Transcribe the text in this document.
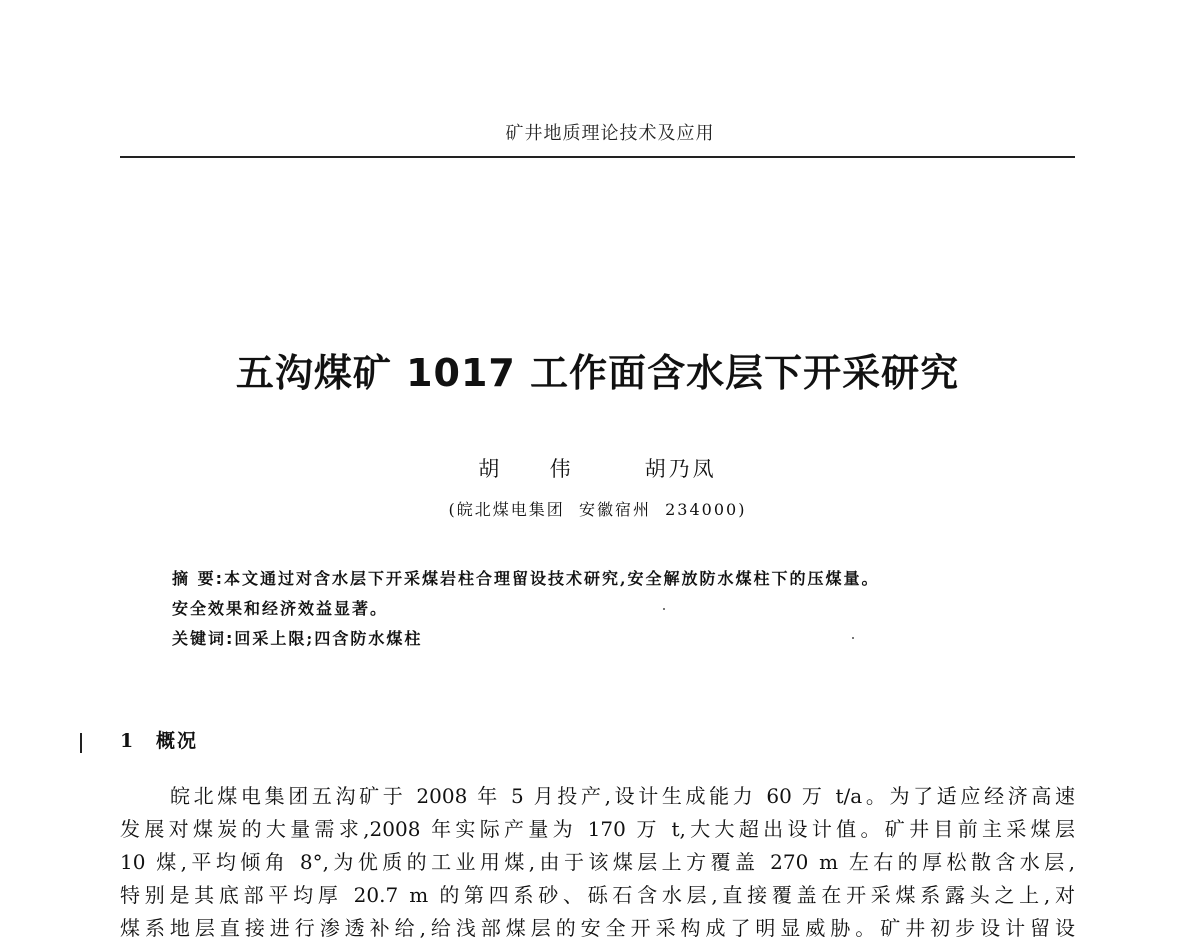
矿井地质理论技术及应用
五沟煤矿 1017 工作面含水层下开采研究
胡  伟   胡乃凤
(皖北煤电集团  安徽宿州  234000)
摘 要:本文通过对含水层下开采煤岩柱合理留设技术研究,安全解放防水煤柱下的压煤量。
安全效果和经济效益显著。
关键词:回采上限;四含防水煤柱
1 概况
皖北煤电集团五沟矿于 2008 年 5 月投产,设计生成能力 60 万 t/a。为了适应经济高速
发展对煤炭的大量需求,2008 年实际产量为 170 万 t,大大超出设计值。矿井目前主采煤层
10 煤,平均倾角 8°,为优质的工业用煤,由于该煤层上方覆盖 270 m 左右的厚松散含水层,
特别是其底部平均厚 20.7 m 的第四系砂、砾石含水层,直接覆盖在开采煤系露头之上,对
煤系地层直接进行渗透补给,给浅部煤层的安全开采构成了明显威胁。矿井初步设计留设
